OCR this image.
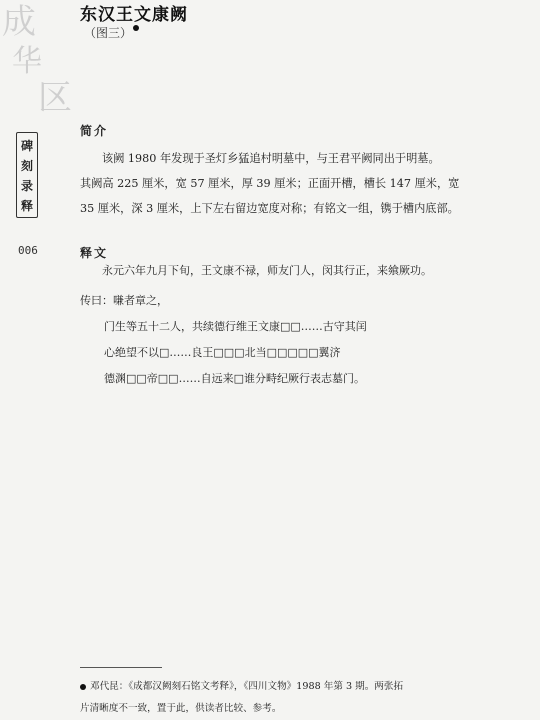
成
华
区
东汉王文康阙
（图三）
碑
刻
录
释
006
简介

该阙 1980 年发现于圣灯乡猛追村明墓中，与王君平阙同出于明墓。
其阙高 225 厘米，宽 57 厘米，厚 39 厘米；正面开槽，槽长 147 厘米，宽
35 厘米，深 3 厘米，上下左右留边宽度对称；有铭文一组，镌于槽内底部。

释文
永元六年九月下旬，王文康不禄，师友门人，闵其行正，来飨厥功。
传曰：嗛者章之，
门生等五十二人，共续德行维王文康□□……古守其闰
心绝望不以□……良王□□□北当□□□□□翼济
德渊□□帝□□……自远来□谁分畤纪厥行表志墓门。

邓代昆：《成都汉阙刻石铭文考释》，《四川文物》1988 年第 3 期。两张拓
片清晰度不一致，置于此，供读者比较、参考。
